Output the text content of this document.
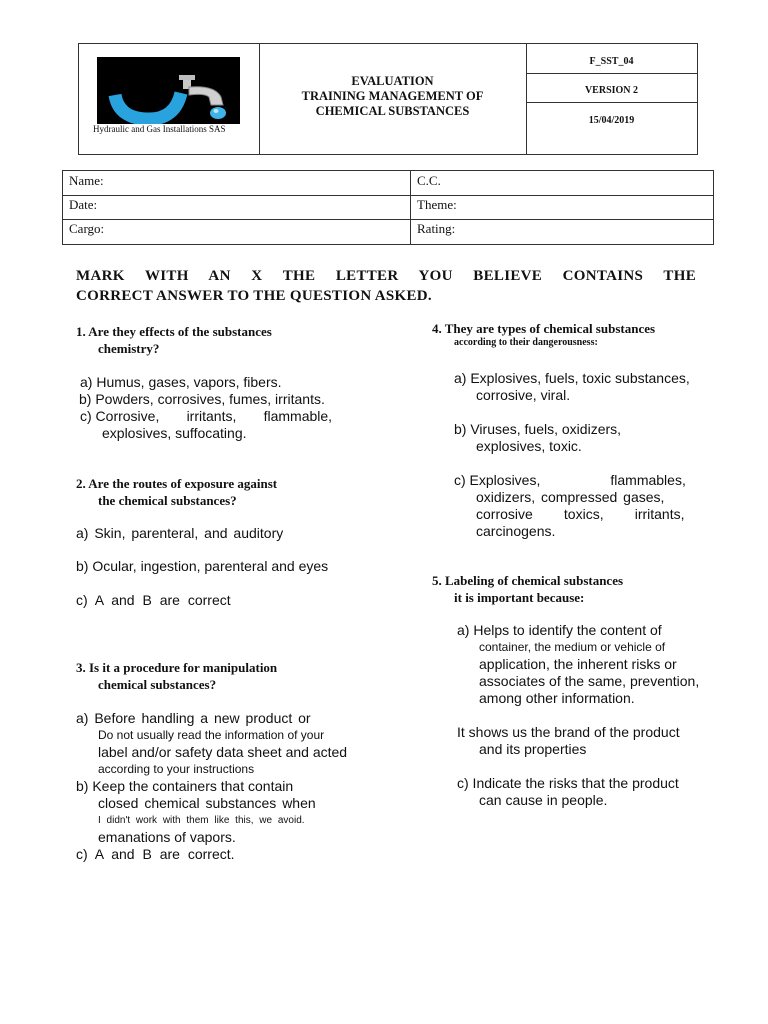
Hydraulic and Gas Installations SAS
EVALUATION
TRAINING MANAGEMENT OF
CHEMICAL SUBSTANCES
F_SST_04
VERSION 2
15/04/2019
Name:	C.C.
Date:	Theme:
Cargo:	Rating:
MARK WITH AN X THE LETTER YOU BELIEVE CONTAINS THE
CORRECT ANSWER TO THE QUESTION ASKED.
1. Are they effects of the substances
chemistry?
a) Humus, gases, vapors, fibers.
b) Powders, corrosives, fumes, irritants.
c) Corrosive,       irritants,       flammable,
explosives, suffocating.
2. Are the routes of exposure against
the chemical substances?
a) Skin, parenteral, and auditory
b) Ocular, ingestion, parenteral and eyes
c) A and B are correct
3. Is it a procedure for manipulation
chemical substances?
a) Before handling a new product or
Do not usually read the information of your
label and/or safety data sheet and acted
according to your instructions
b) Keep the containers that contain
closed chemical substances when
I didn't work with them like this, we avoid.
emanations of vapors.
c) A and B are correct.
4. They are types of chemical substances
according to their dangerousness:
a) Explosives, fuels, toxic substances,
corrosive, viral.
b) Viruses, fuels, oxidizers,
explosives, toxic.
c) Explosives,                  flammables,
oxidizers, compressed gases,
corrosive        toxics,        irritants,
carcinogens.
5. Labeling of chemical substances
it is important because:
a) Helps to identify the content of
container, the medium or vehicle of
application, the inherent risks or
associates of the same, prevention,
among other information.
It shows us the brand of the product
and its properties
c) Indicate the risks that the product
can cause in people.
